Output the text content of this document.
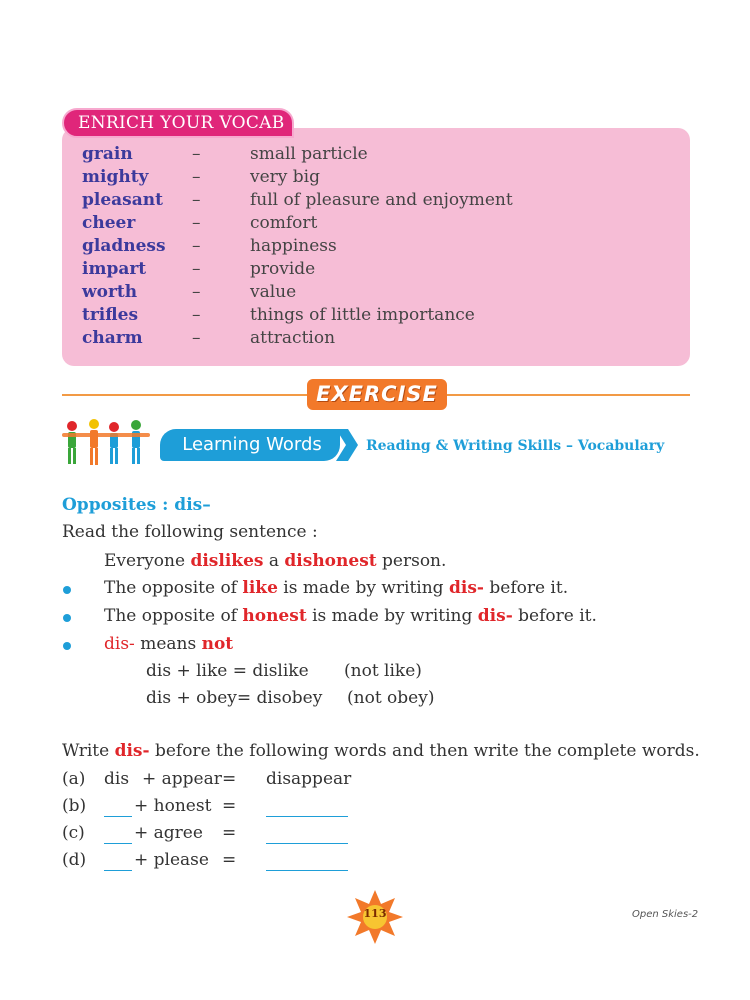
ENRICH YOUR VOCAB
grain	–	small particle
mighty	–	very big
pleasant –	full of pleasure and enjoyment
cheer	–	comfort
gladness –	happiness
impart	–	provide
worth	–	value
trifles	–	things of little importance
charm	–	attraction
EXERCISE
Learning Words	Reading & Writing Skills – Vocabulary
Opposites : dis–
Read the following sentence :
Everyone dislikes a dishonest person.
The opposite of like is made by writing dis- before it.
The opposite of honest is made by writing dis- before it.
dis- means not
dis + like = dislike (not like)
dis + obey= disobey (not obey)
Write dis- before the following words and then write the complete words.
(a) dis + appear = disappear
(b)	+ honest =
(c)	+ agree =
(d)	+ please =
113	Open Skies-2
